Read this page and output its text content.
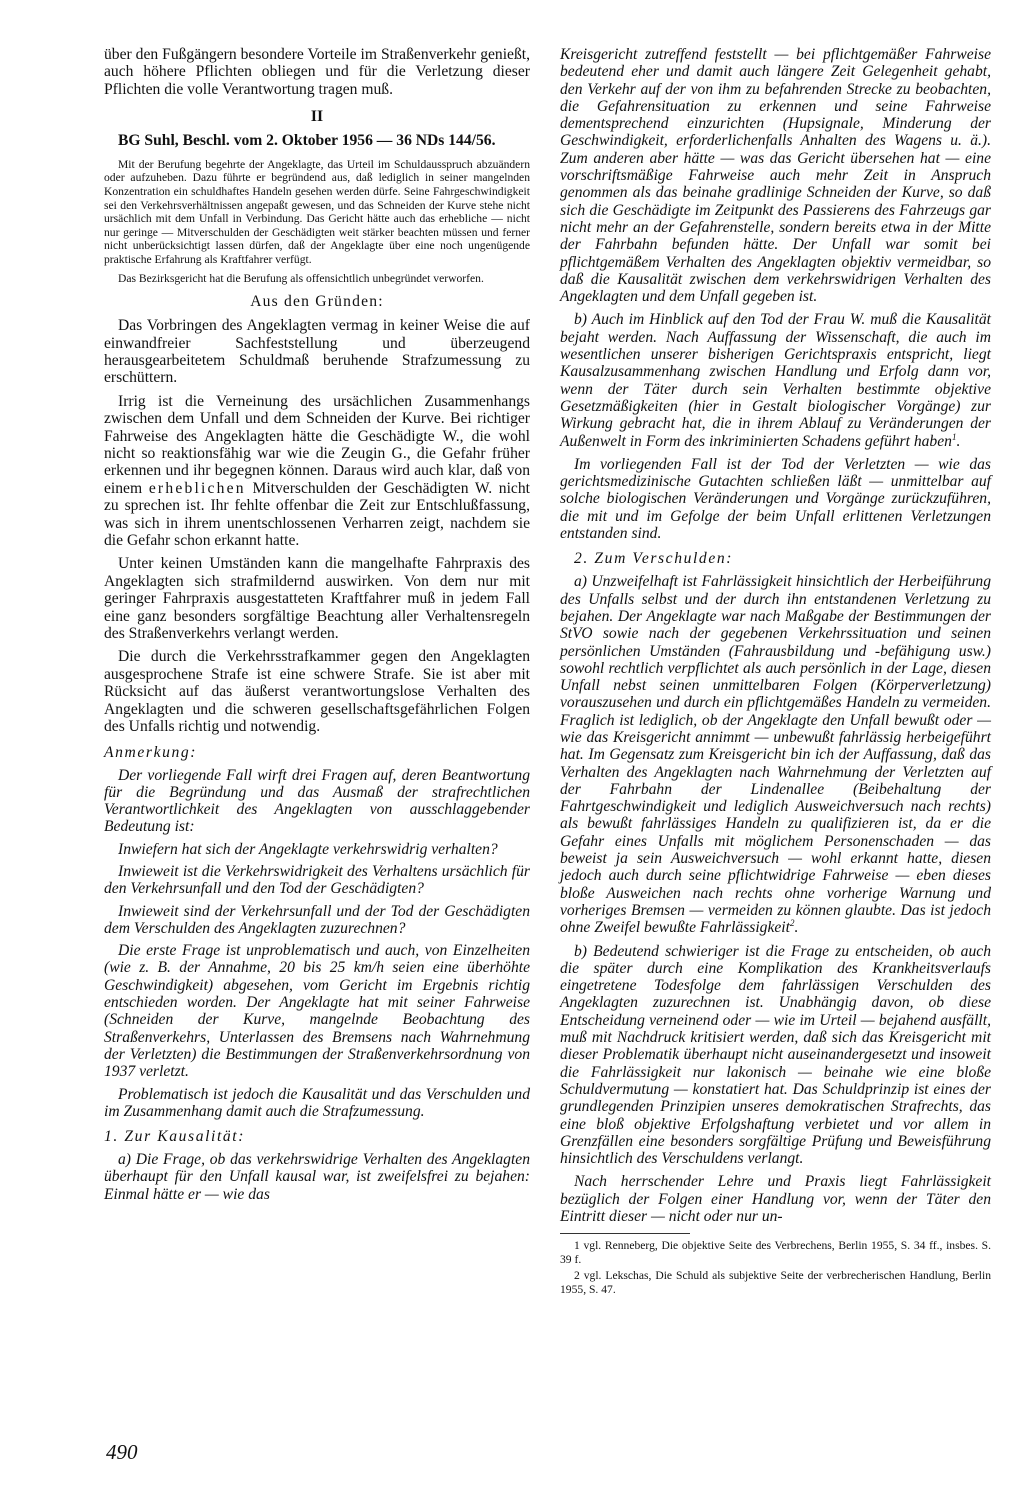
über den Fußgängern besondere Vorteile im Straßenverkehr genießt, auch höhere Pflichten obliegen und für die Verletzung dieser Pflichten die volle Verantwortung tragen muß.

II

BG Suhl, Beschl. vom 2. Oktober 1956 — 36 NDs 144/56.

Mit der Berufung begehrte der Angeklagte, das Urteil im Schuldausspruch abzuändern oder aufzuheben. Dazu führte er begründend aus, daß lediglich in seiner mangelnden Konzentration ein schuldhaftes Handeln gesehen werden dürfe. Seine Fahrgeschwindigkeit sei den Verkehrsverhältnissen angepaßt gewesen, und das Schneiden der Kurve stehe nicht ursächlich mit dem Unfall in Verbindung. Das Gericht hätte auch das erhebliche — nicht nur geringe — Mitverschulden der Geschädigten weit stärker beachten müssen und ferner nicht unberücksichtigt lassen dürfen, daß der Angeklagte über eine noch ungenügende praktische Erfahrung als Kraftfahrer verfügt.

Das Bezirksgericht hat die Berufung als offensichtlich unbegründet verworfen.

Aus den Gründen:

Das Vorbringen des Angeklagten vermag in keiner Weise die auf einwandfreier Sachfeststellung und überzeugend herausgearbeitetem Schuldmaß beruhende Strafzumessung zu erschüttern.

Irrig ist die Verneinung des ursächlichen Zusammenhangs zwischen dem Unfall und dem Schneiden der Kurve. Bei richtiger Fahrweise des Angeklagten hätte die Geschädigte W., die wohl nicht so reaktionsfähig war wie die Zeugin G., die Gefahr früher erkennen und ihr begegnen können. Daraus wird auch klar, daß von einem erheblichen Mitverschulden der Geschädigten W. nicht zu sprechen ist. Ihr fehlte offenbar die Zeit zur Entschlußfassung, was sich in ihrem unentschlossenen Verharren zeigt, nachdem sie die Gefahr schon erkannt hatte.

Unter keinen Umständen kann die mangelhafte Fahrpraxis des Angeklagten sich strafmildernd auswirken. Von dem nur mit geringer Fahrpraxis ausgestatteten Kraftfahrer muß in jedem Fall eine ganz besonders sorgfältige Beachtung aller Verhaltensregeln des Straßenverkehrs verlangt werden.

Die durch die Verkehrsstrafkammer gegen den Angeklagten ausgesprochene Strafe ist eine schwere Strafe. Sie ist aber mit Rücksicht auf das äußerst verantwortungslose Verhalten des Angeklagten und die schweren gesellschaftsgefährlichen Folgen des Unfalls richtig und notwendig.

Anmerkung:

Der vorliegende Fall wirft drei Fragen auf, deren Beantwortung für die Begründung und das Ausmaß der strafrechtlichen Verantwortlichkeit des Angeklagten von ausschlaggebender Bedeutung ist:

Inwiefern hat sich der Angeklagte verkehrswidrig verhalten?

Inwieweit ist die Verkehrswidrigkeit des Verhaltens ursächlich für den Verkehrsunfall und den Tod der Geschädigten?

Inwieweit sind der Verkehrsunfall und der Tod der Geschädigten dem Verschulden des Angeklagten zuzurechnen?

Die erste Frage ist unproblematisch und auch, von Einzelheiten (wie z. B. der Annahme, 20 bis 25 km/h seien eine überhöhte Geschwindigkeit) abgesehen, vom Gericht im Ergebnis richtig entschieden worden. Der Angeklagte hat mit seiner Fahrweise (Schneiden der Kurve, mangelnde Beobachtung des Straßenverkehrs, Unterlassen des Bremsens nach Wahrnehmung der Verletzten) die Bestimmungen der Straßenverkehrsordnung von 1937 verletzt.

Problematisch ist jedoch die Kausalität und das Verschulden und im Zusammenhang damit auch die Strafzumessung.

1. Zur Kausalität:

a) Die Frage, ob das verkehrswidrige Verhalten des Angeklagten überhaupt für den Unfall kausal war, ist zweifelsfrei zu bejahen: Einmal hätte er — wie das

Kreisgericht zutreffend feststellt — bei pflichtgemäßer Fahrweise bedeutend eher und damit auch längere Zeit Gelegenheit gehabt, den Verkehr auf der von ihm zu befahrenden Strecke zu beobachten, die Gefahrensituation zu erkennen und seine Fahrweise dementsprechend einzurichten (Hupsignale, Minderung der Geschwindigkeit, erforderlichenfalls Anhalten des Wagens u. ä.). Zum anderen aber hätte — was das Gericht übersehen hat — eine vorschriftsmäßige Fahrweise auch mehr Zeit in Anspruch genommen als das beinahe gradlinige Schneiden der Kurve, so daß sich die Geschädigte im Zeitpunkt des Passierens des Fahrzeugs gar nicht mehr an der Gefahrenstelle, sondern bereits etwa in der Mitte der Fahrbahn befunden hätte. Der Unfall war somit bei pflichtgemäßem Verhalten des Angeklagten objektiv vermeidbar, so daß die Kausalität zwischen dem verkehrswidrigen Verhalten des Angeklagten und dem Unfall gegeben ist.

b) Auch im Hinblick auf den Tod der Frau W. muß die Kausalität bejaht werden. Nach Auffassung der Wissenschaft, die auch im wesentlichen unserer bisherigen Gerichtspraxis entspricht, liegt Kausalzusammenhang zwischen Handlung und Erfolg dann vor, wenn der Täter durch sein Verhalten bestimmte objektive Gesetzmäßigkeiten (hier in Gestalt biologischer Vorgänge) zur Wirkung gebracht hat, die in ihrem Ablauf zu Veränderungen der Außenwelt in Form des inkriminierten Schadens geführt haben$^1$.

Im vorliegenden Fall ist der Tod der Verletzten — wie das gerichtsmedizinische Gutachten schließen läßt — unmittelbar auf solche biologischen Veränderungen und Vorgänge zurückzuführen, die mit und im Gefolge der beim Unfall erlittenen Verletzungen entstanden sind.

2. Zum Verschulden:

a) Unzweifelhaft ist Fahrlässigkeit hinsichtlich der Herbeiführung des Unfalls selbst und der durch ihn entstandenen Verletzung zu bejahen. Der Angeklagte war nach Maßgabe der Bestimmungen der StVO sowie nach der gegebenen Verkehrssituation und seinen persönlichen Umständen (Fahrausbildung und -befähigung usw.) sowohl rechtlich verpflichtet als auch persönlich in der Lage, diesen Unfall nebst seinen unmittelbaren Folgen (Körperverletzung) vorauszusehen und durch ein pflichtgemäßes Handeln zu vermeiden. Fraglich ist lediglich, ob der Angeklagte den Unfall bewußt oder — wie das Kreisgericht annimmt — unbewußt fahrlässig herbeigeführt hat. Im Gegensatz zum Kreisgericht bin ich der Auffassung, daß das Verhalten des Angeklagten nach Wahrnehmung der Verletzten auf der Fahrbahn der Lindenallee (Beibehaltung der Fahrtgeschwindigkeit und lediglich Ausweichversuch nach rechts) als bewußt fahrlässiges Handeln zu qualifizieren ist, da er die Gefahr eines Unfalls mit möglichem Personenschaden — das beweist ja sein Ausweichversuch — wohl erkannt hatte, diesen jedoch auch durch seine pflichtwidrige Fahrweise — eben dieses bloße Ausweichen nach rechts ohne vorherige Warnung und vorheriges Bremsen — vermeiden zu können glaubte. Das ist jedoch ohne Zweifel bewußte Fahrlässigkeit$^2$.

b) Bedeutend schwieriger ist die Frage zu entscheiden, ob auch die später durch eine Komplikation des Krankheitsverlaufs eingetretene Todesfolge dem fahrlässigen Verschulden des Angeklagten zuzurechnen ist. Unabhängig davon, ob diese Entscheidung verneinend oder — wie im Urteil — bejahend ausfällt, muß mit Nachdruck kritisiert werden, daß sich das Kreisgericht mit dieser Problematik überhaupt nicht auseinandergesetzt und insoweit die Fahrlässigkeit nur lakonisch — beinahe wie eine bloße Schuldvermutung — konstatiert hat. Das Schuldprinzip ist eines der grundlegenden Prinzipien unseres demokratischen Strafrechts, das eine bloß objektive Erfolgshaftung verbietet und vor allem in Grenzfällen eine besonders sorgfältige Prüfung und Beweisführung hinsichtlich des Verschuldens verlangt.

Nach herrschender Lehre und Praxis liegt Fahrlässigkeit bezüglich der Folgen einer Handlung vor, wenn der Täter den Eintritt dieser — nicht oder nur un-

1 vgl. Renneberg, Die objektive Seite des Verbrechens, Berlin 1955, S. 34 ff., insbes. S. 39 f.

2 vgl. Lekschas, Die Schuld als subjektive Seite der verbrecherischen Handlung, Berlin 1955, S. 47.

490
